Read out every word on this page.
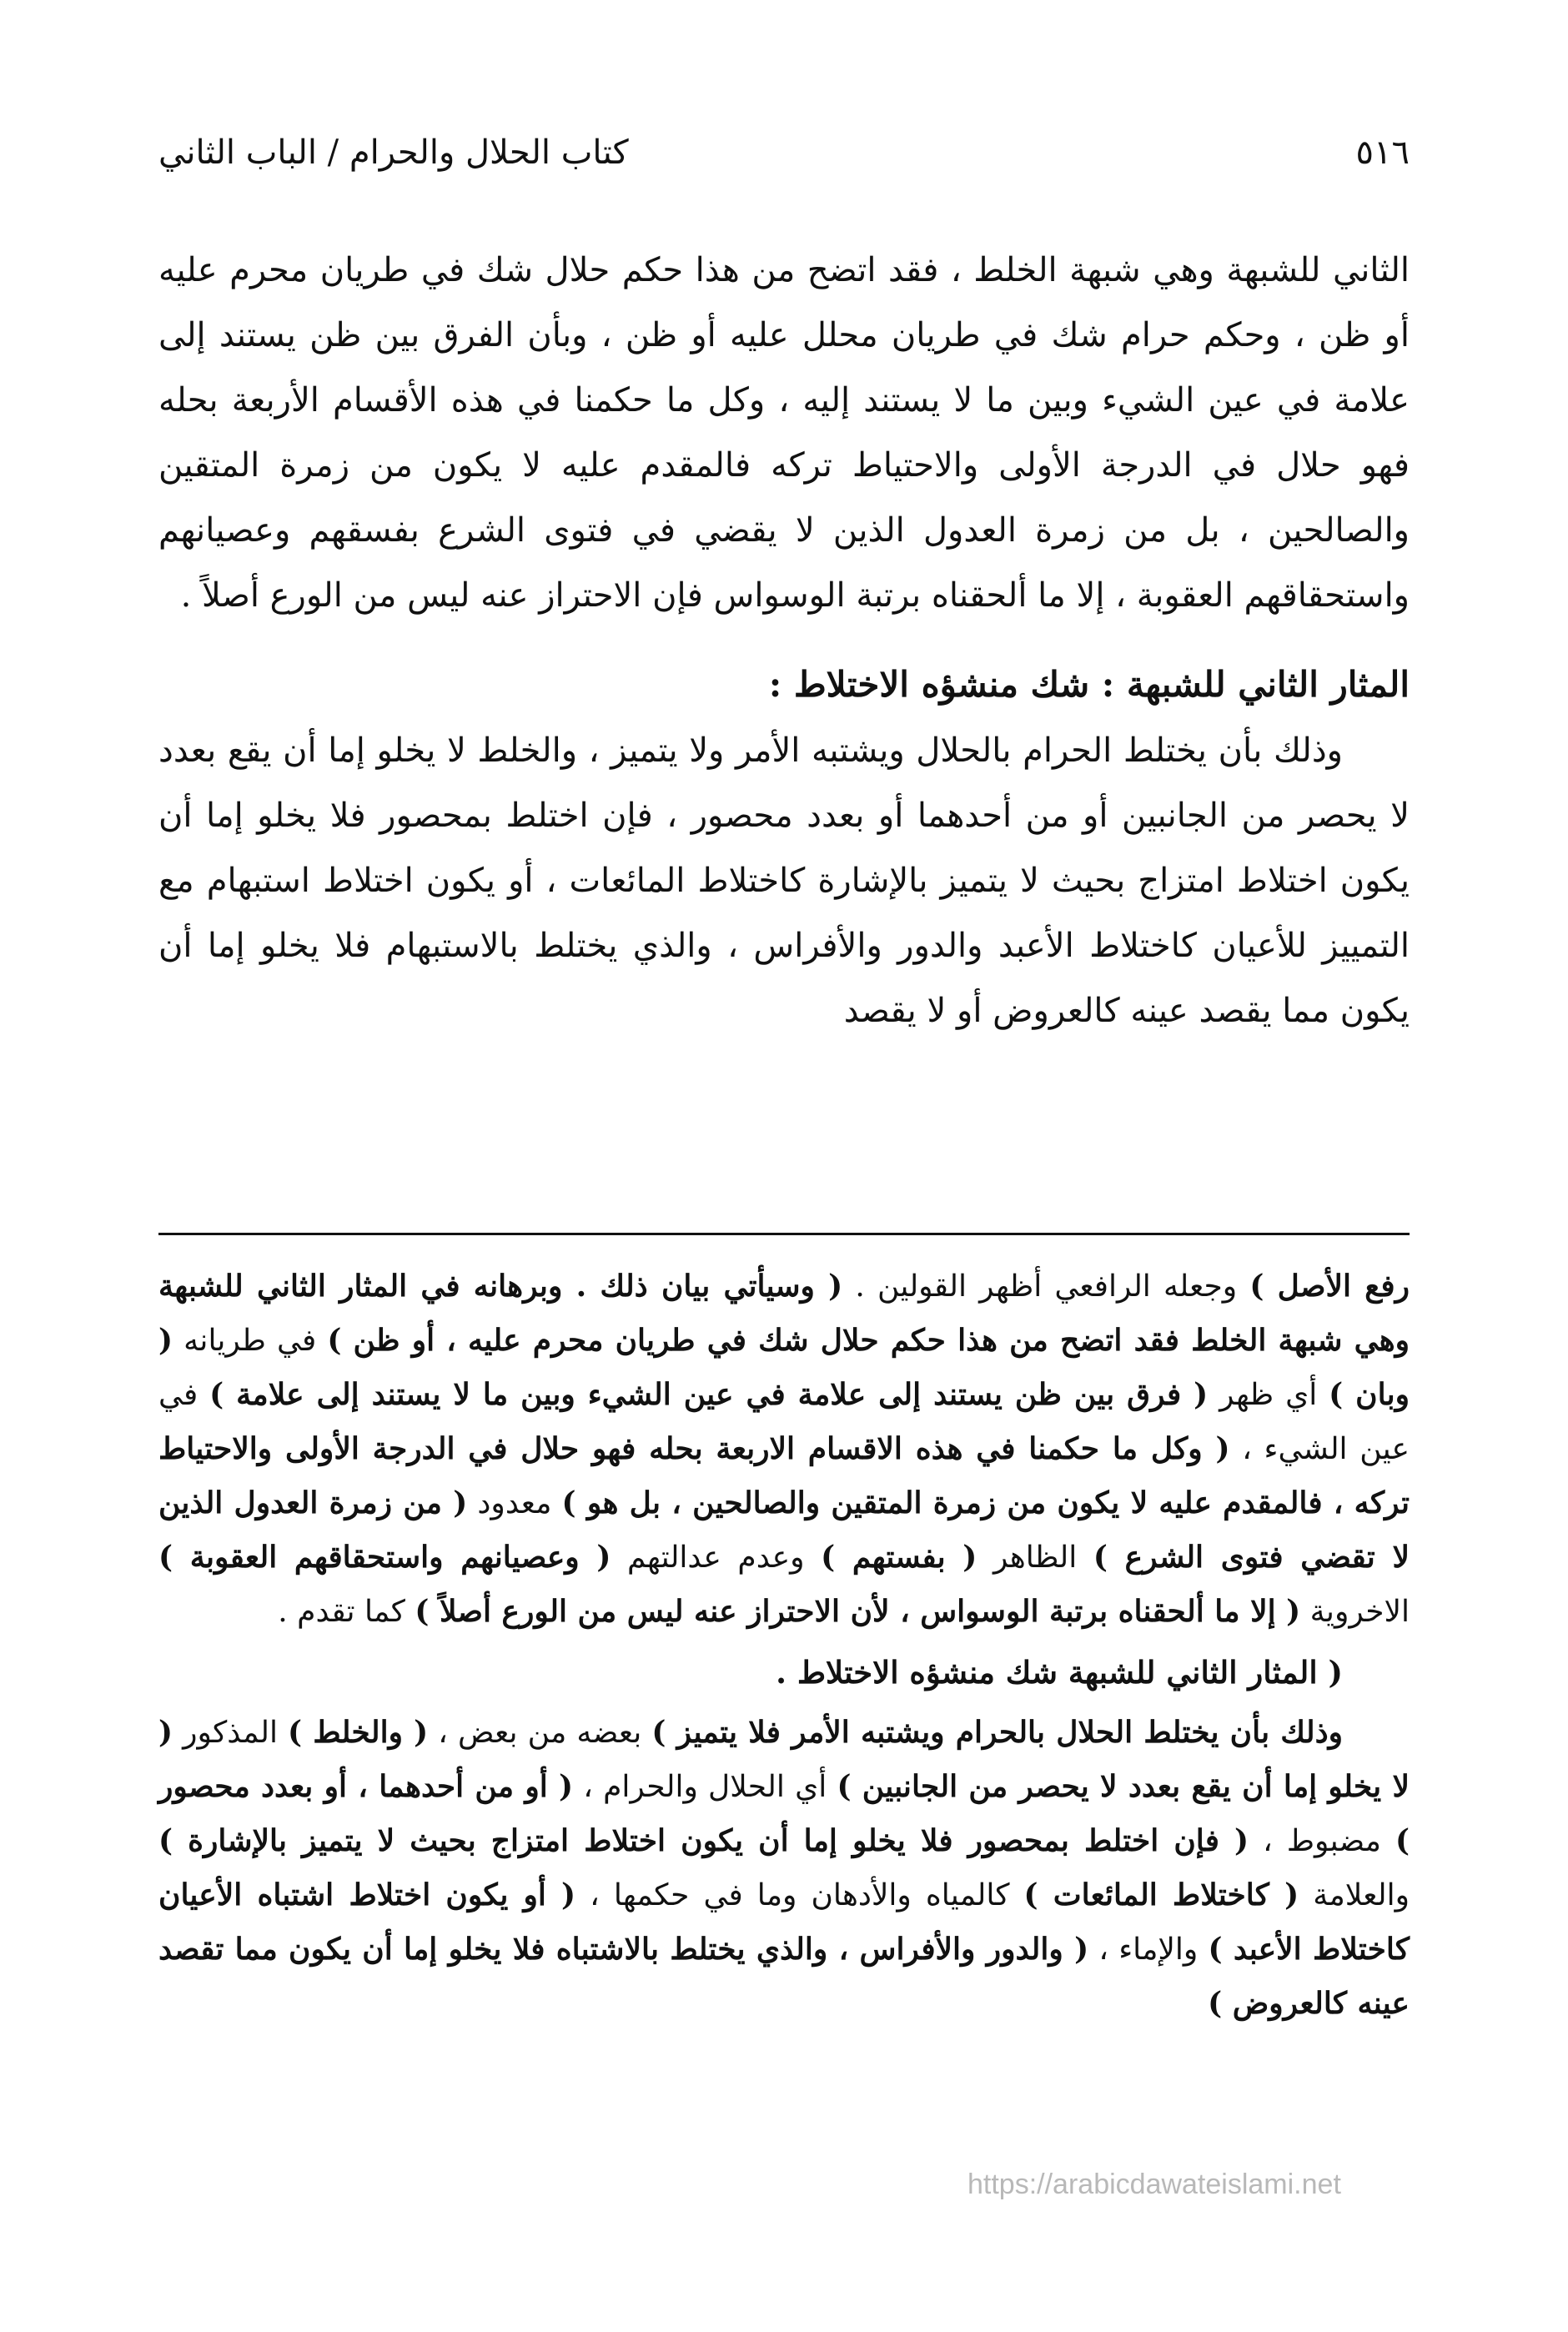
٥١٦
كتاب الحلال والحرام / الباب الثاني

الثاني للشبهة وهي شبهة الخلط ، فقد اتضح من هذا حكم حلال شك في طريان محرم عليه أو ظن ، وحكم حرام شك في طريان محلل عليه أو ظن ، وبأن الفرق بين ظن يستند إلى علامة في عين الشيء وبين ما لا يستند إليه ، وكل ما حكمنا في هذه الأقسام الأربعة بحله فهو حلال في الدرجة الأولى والاحتياط تركه فالمقدم عليه لا يكون من زمرة المتقين والصالحين ، بل من زمرة العدول الذين لا يقضي في فتوى الشرع بفسقهم وعصيانهم واستحقاقهم العقوبة ، إلا ما ألحقناه برتبة الوسواس فإن الاحتراز عنه ليس من الورع أصلاً .

المثار الثاني للشبهة : شك منشؤه الاختلاط :

وذلك بأن يختلط الحرام بالحلال ويشتبه الأمر ولا يتميز ، والخلط لا يخلو إما أن يقع بعدد لا يحصر من الجانبين أو من أحدهما أو بعدد محصور ، فإن اختلط بمحصور فلا يخلو إما أن يكون اختلاط امتزاج بحيث لا يتميز بالإشارة كاختلاط المائعات ، أو يكون اختلاط استبهام مع التمييز للأعيان كاختلاط الأعبد والدور والأفراس ، والذي يختلط بالاستبهام فلا يخلو إما أن يكون مما يقصد عينه كالعروض أو لا يقصد

رفع الأصل ) وجعله الرافعي أظهر القولين . ( وسيأتي بيان ذلك . وبرهانه في المثار الثاني للشبهة وهي شبهة الخلط فقد اتضح من هذا حكم حلال شك في طريان محرم عليه ، أو ظن ) في طريانه ( وبان ) أي ظهر ( فرق بين ظن يستند إلى علامة في عين الشيء وبين ما لا يستند إلى علامة ) في عين الشيء ، ( وكل ما حكمنا في هذه الاقسام الاربعة بحله فهو حلال في الدرجة الأولى والاحتياط تركه ، فالمقدم عليه لا يكون من زمرة المتقين والصالحين ، بل هو ) معدود ( من زمرة العدول الذين لا تقضي فتوى الشرع ) الظاهر ( بفستهم ) وعدم عدالتهم ( وعصيانهم واستحقاقهم العقوبة ) الاخروية ( إلا ما ألحقناه برتبة الوسواس ، لأن الاحتراز عنه ليس من الورع أصلاً ) كما تقدم .

( المثار الثاني للشبهة شك منشؤه الاختلاط .

وذلك بأن يختلط الحلال بالحرام ويشتبه الأمر فلا يتميز ) بعضه من بعض ، ( والخلط ) المذكور ( لا يخلو إما أن يقع بعدد لا يحصر من الجانبين ) أي الحلال والحرام ، ( أو من أحدهما ، أو بعدد محصور ) مضبوط ، ( فإن اختلط بمحصور فلا يخلو إما أن يكون اختلاط امتزاج بحيث لا يتميز بالإشارة ) والعلامة ( كاختلاط المائعات ) كالمياه والأدهان وما في حكمها ، ( أو يكون اختلاط اشتباه الأعيان كاختلاط الأعبد ) والإماء ، ( والدور والأفراس ، والذي يختلط بالاشتباه فلا يخلو إما أن يكون مما تقصد عينه كالعروض )

https://arabicdawateislami.net
